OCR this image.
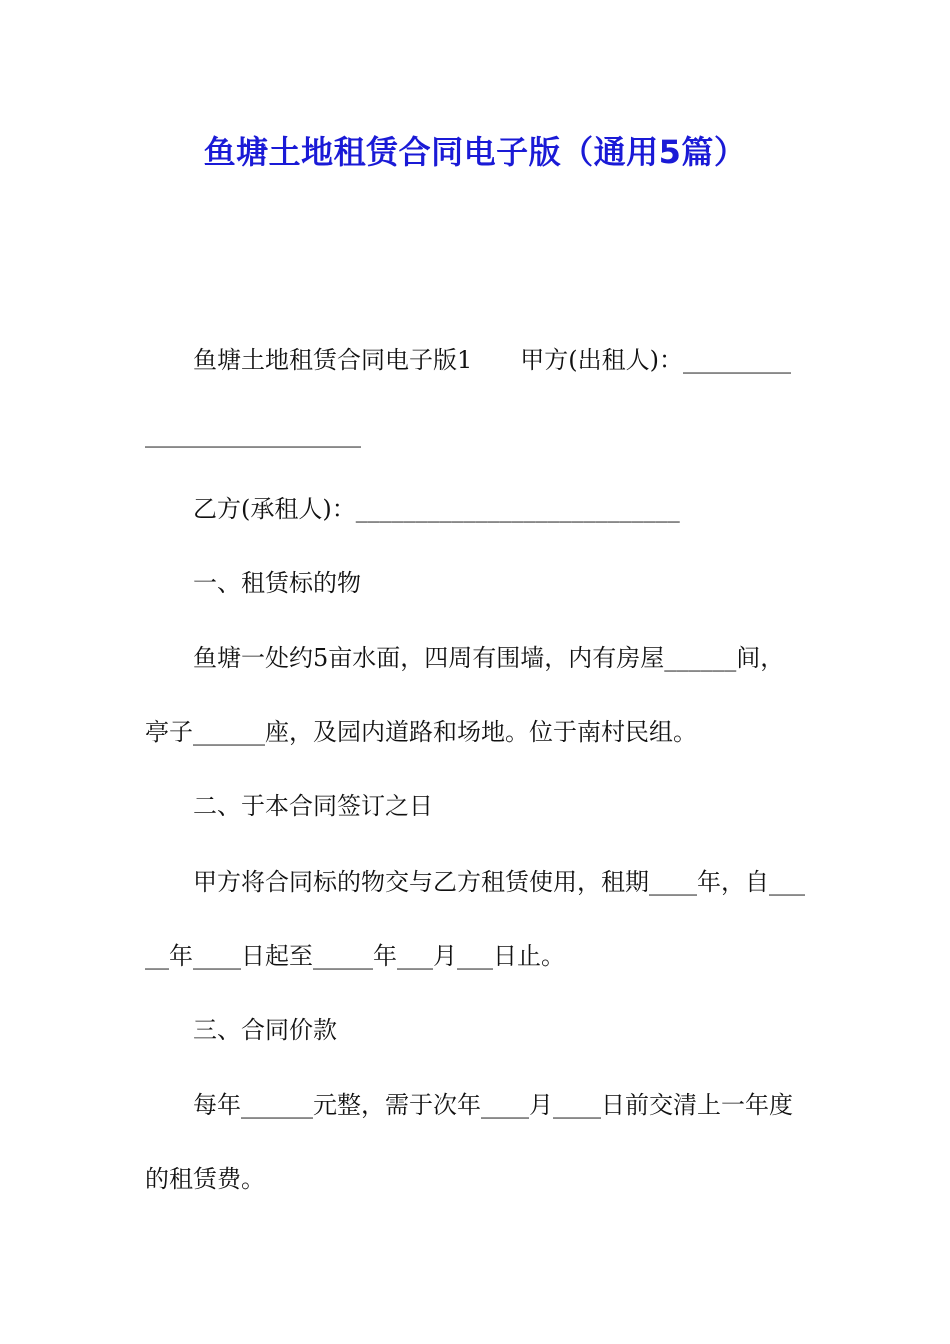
鱼塘土地租赁合同电子版（通用5篇）
鱼塘土地租赁合同电子版1　　甲方(出租人)：_________
__________________
乙方(承租人)：___________________________
一、租赁标的物
鱼塘一处约5亩水面，四周有围墙，内有房屋______间，
亭子______座，及园内道路和场地。位于南村民组。
二、于本合同签订之日
甲方将合同标的物交与乙方租赁使用，租期____年，自___
__年____日起至_____年___月___日止。
三、合同价款
每年______元整，需于次年____月____日前交清上一年度
的租赁费。
